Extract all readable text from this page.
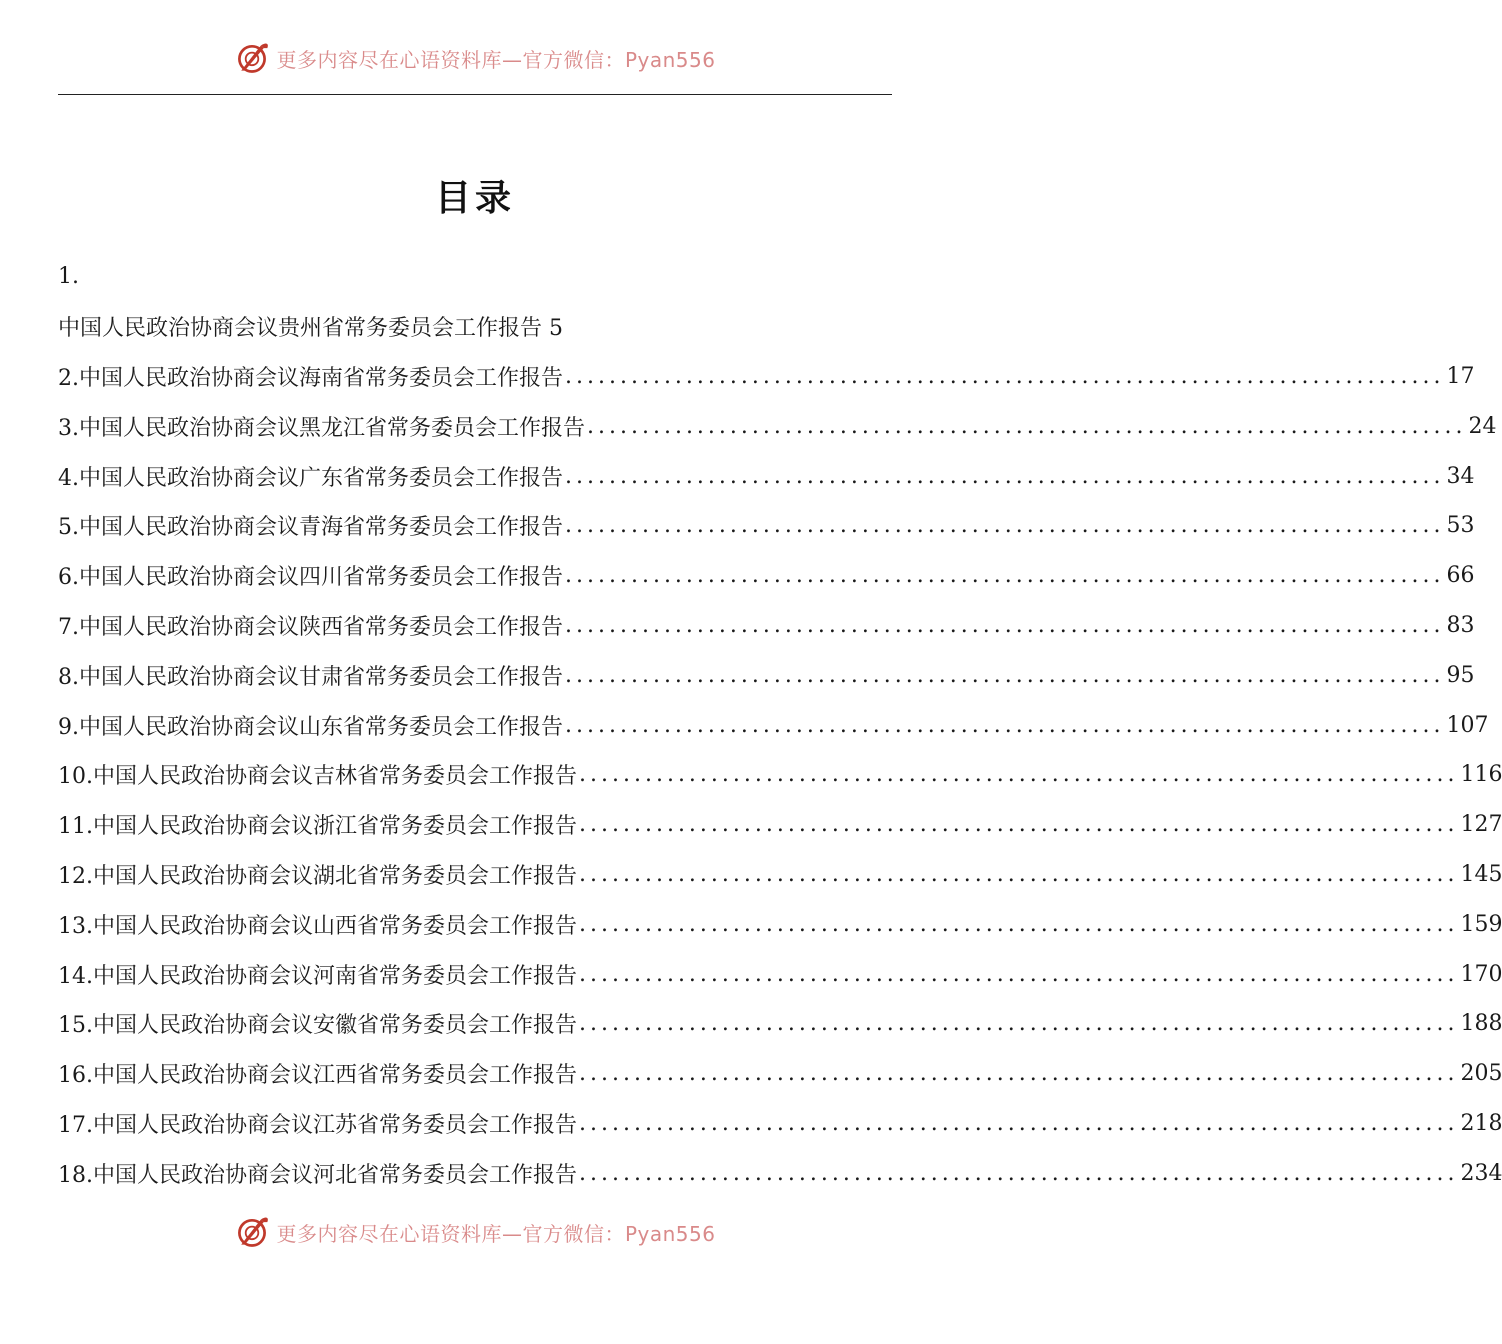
更多内容尽在心语资料库—官方微信：Pyan556
目录
1.
中国人民政治协商会议贵州省常务委员会工作报告 5
2.中国人民政治协商会议海南省常务委员会工作报告 ................................................................................ 17
3.中国人民政治协商会议黑龙江省常务委员会工作报告 ................................................................................ 24
4.中国人民政治协商会议广东省常务委员会工作报告 ................................................................................ 34
5.中国人民政治协商会议青海省常务委员会工作报告 ................................................................................ 53
6.中国人民政治协商会议四川省常务委员会工作报告 ................................................................................ 66
7.中国人民政治协商会议陕西省常务委员会工作报告 ................................................................................ 83
8.中国人民政治协商会议甘肃省常务委员会工作报告 ................................................................................ 95
9.中国人民政治协商会议山东省常务委员会工作报告 ................................................................................ 107
10.中国人民政治协商会议吉林省常务委员会工作报告 ................................................................................ 116
11.中国人民政治协商会议浙江省常务委员会工作报告 ................................................................................ 127
12.中国人民政治协商会议湖北省常务委员会工作报告 ................................................................................ 145
13.中国人民政治协商会议山西省常务委员会工作报告 ................................................................................ 159
14.中国人民政治协商会议河南省常务委员会工作报告 ................................................................................ 170
15.中国人民政治协商会议安徽省常务委员会工作报告 ................................................................................ 188
16.中国人民政治协商会议江西省常务委员会工作报告 ................................................................................ 205
17.中国人民政治协商会议江苏省常务委员会工作报告 ................................................................................ 218
18.中国人民政治协商会议河北省常务委员会工作报告 ................................................................................ 234
更多内容尽在心语资料库—官方微信：Pyan556
